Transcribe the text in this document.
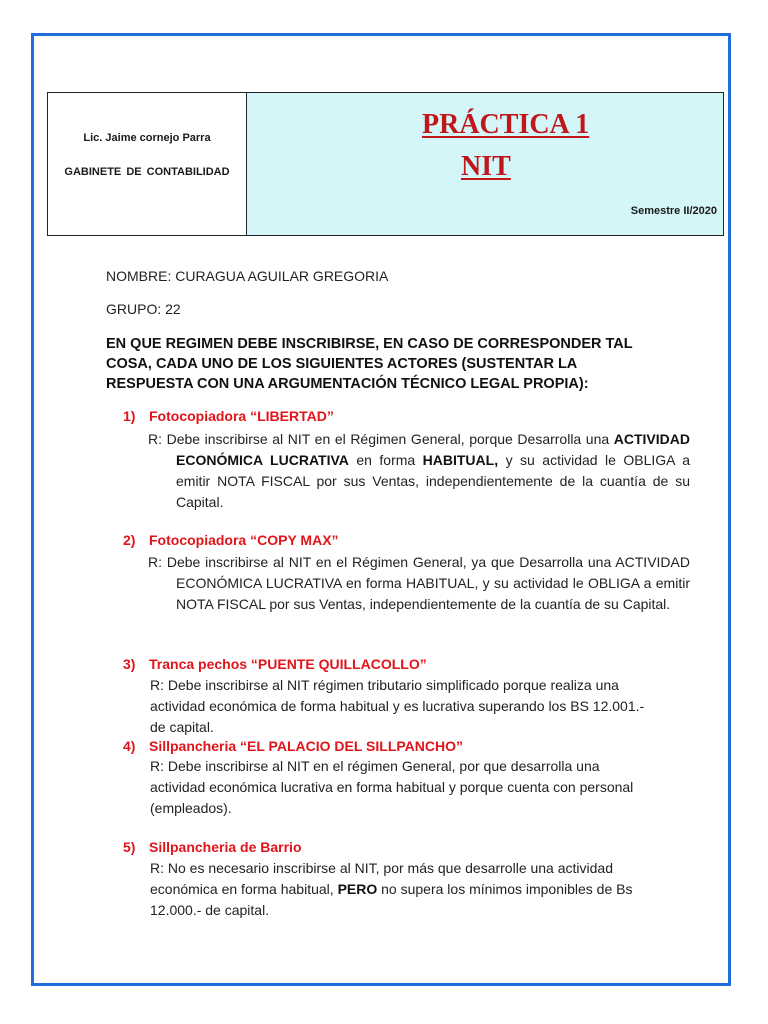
Lic. Jaime cornejo Parra
GABINETE DE CONTABILIDAD
PRÁCTICA 1
NIT
Semestre II/2020
NOMBRE: CURAGUA AGUILAR GREGORIA
GRUPO: 22
EN QUE REGIMEN DEBE INSCRIBIRSE, EN CASO DE CORRESPONDER TAL COSA, CADA UNO DE LOS SIGUIENTES ACTORES (SUSTENTAR LA RESPUESTA CON UNA ARGUMENTACIÓN TÉCNICO LEGAL PROPIA):
1) Fotocopiadora “LIBERTAD”
R: Debe inscribirse al NIT en el Régimen General, porque Desarrolla una ACTIVIDAD ECONÓMICA LUCRATIVA en forma HABITUAL, y su actividad le OBLIGA a emitir NOTA FISCAL por sus Ventas, independientemente de la cuantía de su Capital.
2) Fotocopiadora “COPY MAX”
R: Debe inscribirse al NIT en el Régimen General, ya que Desarrolla una ACTIVIDAD ECONÓMICA LUCRATIVA en forma HABITUAL, y su actividad le OBLIGA a emitir NOTA FISCAL por sus Ventas, independientemente de la cuantía de su Capital.
3) Tranca pechos “PUENTE QUILLACOLLO”
R: Debe inscribirse al NIT régimen tributario simplificado porque realiza una actividad económica de forma habitual y es lucrativa superando los BS 12.001.- de capital.
4) Sillpancheria “EL PALACIO DEL SILLPANCHO”
R: Debe inscribirse al NIT en el régimen General, por que desarrolla una actividad económica lucrativa en forma habitual y porque cuenta con personal (empleados).
5) Sillpancheria de Barrio
R: No es necesario inscribirse al NIT, por más que desarrolle una actividad económica en forma habitual, PERO no supera los mínimos imponibles de Bs 12.000.- de capital.
